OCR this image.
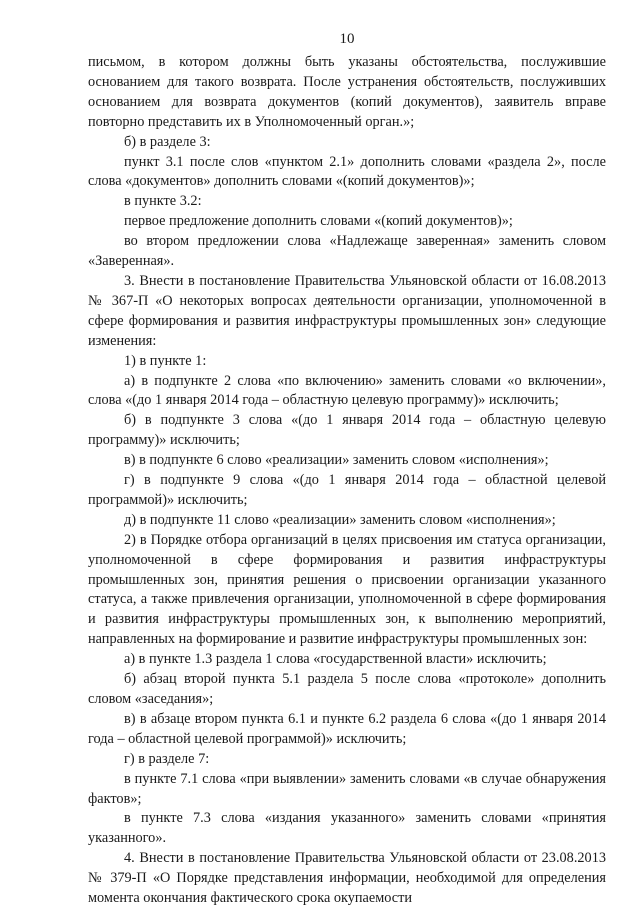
10

письмом, в котором должны быть указаны обстоятельства, послужившие основанием для такого возврата. После устранения обстоятельств, послуживших основанием для возврата документов (копий документов), заявитель вправе повторно представить их в Уполномоченный орган.»;

б) в разделе 3:

пункт 3.1 после слов «пунктом 2.1» дополнить словами «раздела 2», после слова «документов» дополнить словами «(копий документов)»;

в пункте 3.2:

первое предложение дополнить словами «(копий документов)»;

во втором предложении слова «Надлежаще заверенная» заменить словом «Заверенная».

3. Внести в постановление Правительства Ульяновской области от 16.08.2013 № 367-П «О некоторых вопросах деятельности организации, уполномоченной в сфере формирования и развития инфраструктуры промышленных зон» следующие изменения:

1) в пункте 1:

а) в подпункте 2 слова «по включению» заменить словами «о включении», слова «(до 1 января 2014 года – областную целевую программу)» исключить;

б) в подпункте 3 слова «(до 1 января 2014 года – областную целевую программу)» исключить;

в) в подпункте 6 слово «реализации» заменить словом «исполнения»;

г) в подпункте 9 слова «(до 1 января 2014 года – областной целевой программой)» исключить;

д) в подпункте 11 слово «реализации» заменить словом «исполнения»;

2) в Порядке отбора организаций в целях присвоения им статуса организации, уполномоченной в сфере формирования и развития инфраструктуры промышленных зон, принятия решения о присвоении организации указанного статуса, а также привлечения организации, уполномоченной в сфере формирования и развития инфраструктуры промышленных зон, к выполнению мероприятий, направленных на формирование и развитие инфраструктуры промышленных зон:

а) в пункте 1.3 раздела 1 слова «государственной власти» исключить;

б) абзац второй пункта 5.1 раздела 5 после слова «протоколе» дополнить словом «заседания»;

в) в абзаце втором пункта 6.1 и пункте 6.2 раздела 6 слова «(до 1 января 2014 года – областной целевой программой)» исключить;

г) в разделе 7:

в пункте 7.1 слова «при выявлении» заменить словами «в случае обнаружения фактов»;

в пункте 7.3 слова «издания указанного» заменить словами «принятия указанного».

4. Внести в постановление Правительства Ульяновской области от 23.08.2013 № 379-П «О Порядке представления информации, необходимой для определения момента окончания фактического срока окупаемости
